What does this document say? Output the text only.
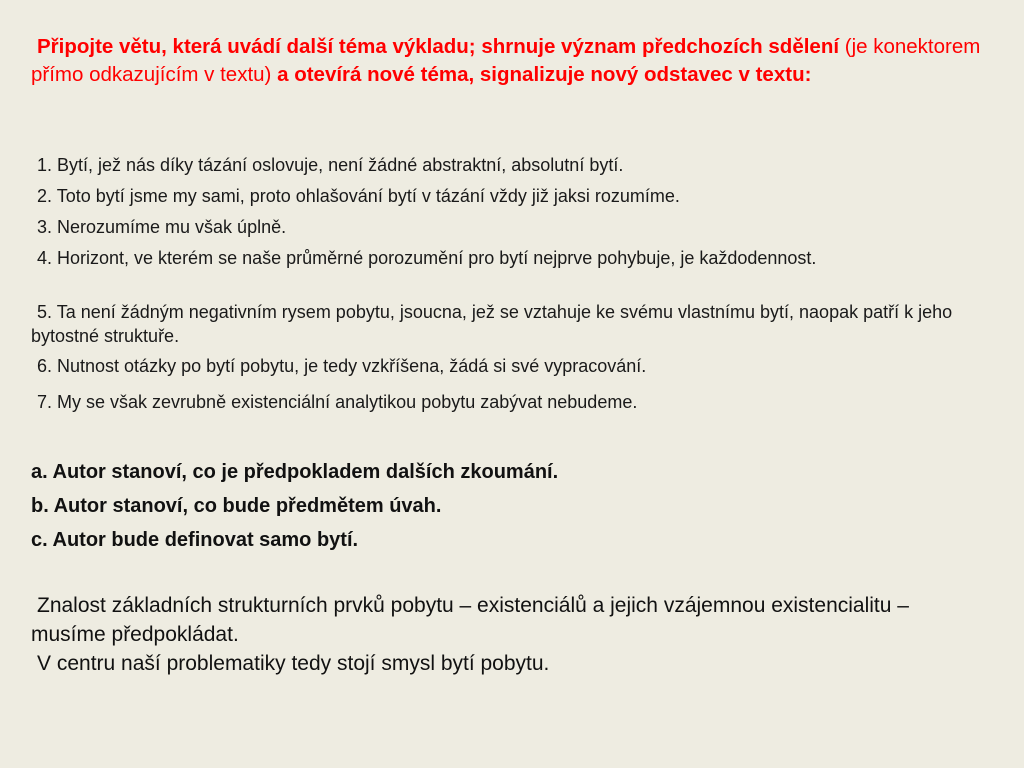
Připojte větu, která uvádí další téma výkladu; shrnuje význam předchozích sdělení (je konektorem přímo odkazujícím v textu) a otevírá nové téma, signalizuje nový odstavec v textu:
1. Bytí, jež nás díky tázání oslovuje, není žádné abstraktní, absolutní bytí.
2. Toto bytí jsme my sami, proto ohlašování bytí v tázání vždy již jaksi rozumíme.
3. Nerozumíme mu však úplně.
4. Horizont, ve kterém se naše průměrné porozumění pro bytí nejprve pohybuje, je každodennost.
5. Ta není žádným negativním rysem pobytu, jsoucna, jež se vztahuje ke svému vlastnímu bytí, naopak patří k jeho bytostné struktuře.
6. Nutnost otázky po bytí pobytu, je tedy vzkříšena, žádá si své vypracování.
7. My se však zevrubně existenciální analytikou pobytu zabývat nebudeme.
a. Autor stanoví, co je předpokladem dalších zkoumání.
b. Autor stanoví, co bude předmětem úvah.
c. Autor bude definovat samo bytí.

Znalost základních strukturních prvků pobytu – existenciálů a jejich vzájemnou existencialitu – musíme předpokládat.

V centru naší problematiky tedy stojí smysl bytí pobytu.
